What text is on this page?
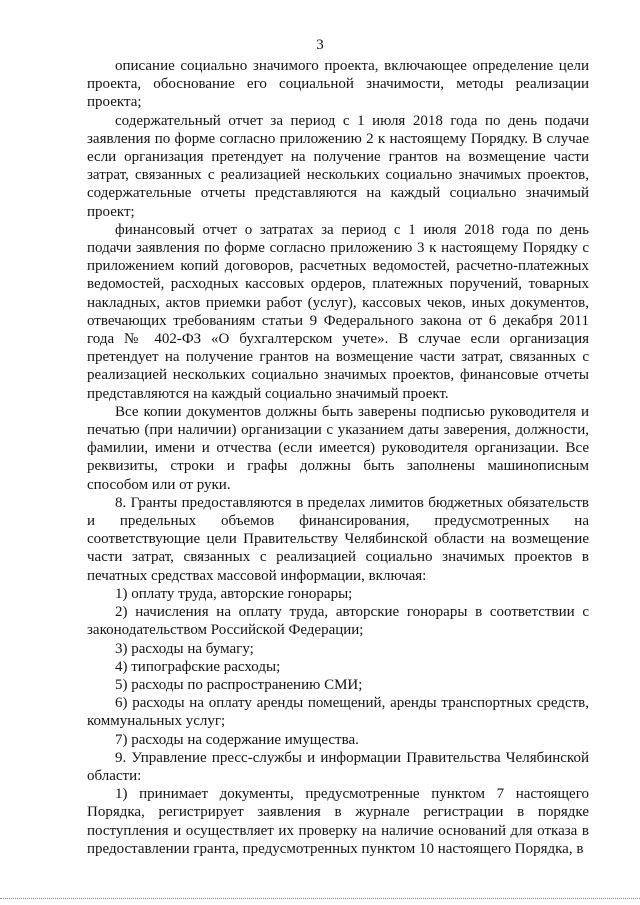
3

описание социально значимого проекта, включающее определение цели проекта, обоснование его социальной значимости, методы реализации проекта;

содержательный отчет за период с 1 июля 2018 года по день подачи заявления по форме согласно приложению 2 к настоящему Порядку. В случае если организация претендует на получение грантов на возмещение части затрат, связанных с реализацией нескольких социально значимых проектов, содержательные отчеты представляются на каждый социально значимый проект;

финансовый отчет о затратах за период с 1 июля 2018 года по день подачи заявления по форме согласно приложению 3 к настоящему Порядку с приложением копий договоров, расчетных ведомостей, расчетно-платежных ведомостей, расходных кассовых ордеров, платежных поручений, товарных накладных, актов приемки работ (услуг), кассовых чеков, иных документов, отвечающих требованиям статьи 9 Федерального закона от 6 декабря 2011 года № 402-ФЗ «О бухгалтерском учете». В случае если организация претендует на получение грантов на возмещение части затрат, связанных с реализацией нескольких социально значимых проектов, финансовые отчеты представляются на каждый социально значимый проект.

Все копии документов должны быть заверены подписью руководителя и печатью (при наличии) организации с указанием даты заверения, должности, фамилии, имени и отчества (если имеется) руководителя организации. Все реквизиты, строки и графы должны быть заполнены машинописным способом или от руки.

8. Гранты предоставляются в пределах лимитов бюджетных обязательств и предельных объемов финансирования, предусмотренных на соответствующие цели Правительству Челябинской области на возмещение части затрат, связанных с реализацией социально значимых проектов в печатных средствах массовой информации, включая:

1) оплату труда, авторские гонорары;

2) начисления на оплату труда, авторские гонорары в соответствии с законодательством Российской Федерации;

3) расходы на бумагу;

4) типографские расходы;

5) расходы по распространению СМИ;

6) расходы на оплату аренды помещений, аренды транспортных средств, коммунальных услуг;

7) расходы на содержание имущества.

9. Управление пресс-службы и информации Правительства Челябинской области:

1) принимает документы, предусмотренные пунктом 7 настоящего Порядка, регистрирует заявления в журнале регистрации в порядке поступления и осуществляет их проверку на наличие оснований для отказа в предоставлении гранта, предусмотренных пунктом 10 настоящего Порядка, в
